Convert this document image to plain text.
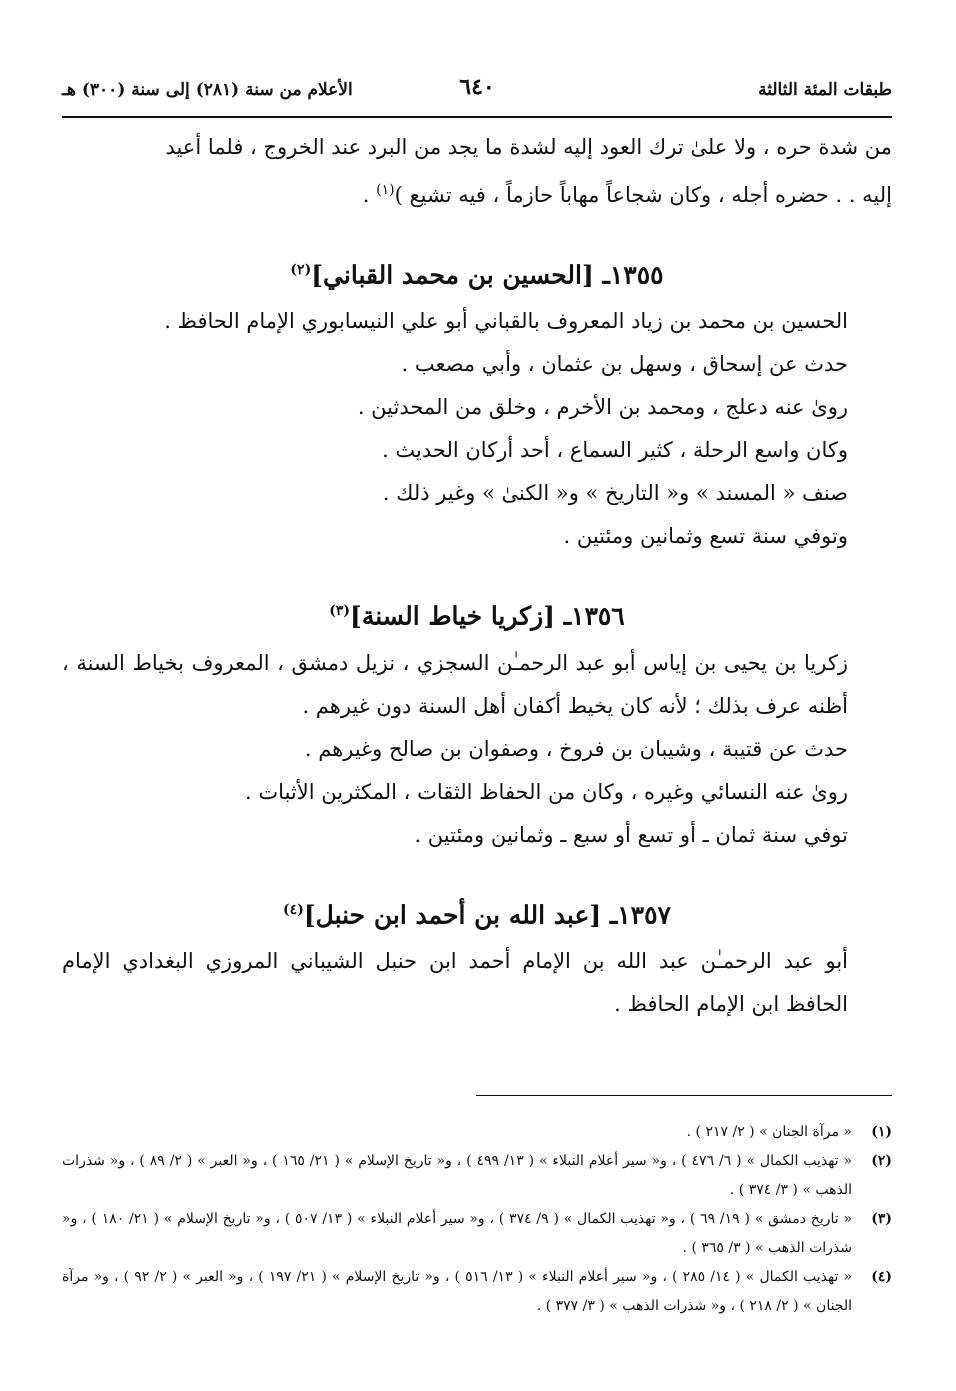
طبقات المئة الثالثة
٦٤٠
الأعلام من سنة (٢٨١) إلى سنة (٣٠٠) هـ

من شدة حره ، ولا علىٰ ترك العود إليه لشدة ما يجد من البرد عند الخروج ، فلما أعيد

إليه . . حضره أجله ، وكان شجاعاً مهاباً حازماً ، فيه تشيع )$^{(١)}$ .

١٣٥٥ـ [الحسين بن محمد القباني]$^{(٢)}$

الحسين بن محمد بن زياد المعروف بالقباني أبو علي النيسابوري الإمام الحافظ .

حدث عن إسحاق ، وسهل بن عثمان ، وأبي مصعب .

روىٰ عنه دعلج ، ومحمد بن الأخرم ، وخلق من المحدثين .

وكان واسع الرحلة ، كثير السماع ، أحد أركان الحديث .

صنف « المسند » و« التاريخ » و« الكنىٰ » وغير ذلك .

وتوفي سنة تسع وثمانين ومئتين .

١٣٥٦ـ [زكريا خياط السنة]$^{(٣)}$

زكريا بن يحيى بن إياس أبو عبد الرحمـٰن السجزي ، نزيل دمشق ، المعروف بخياط السنة ، أظنه عرف بذلك ؛ لأنه كان يخيط أكفان أهل السنة دون غيرهم .

حدث عن قتيبة ، وشيبان بن فروخ ، وصفوان بن صالح وغيرهم .

روىٰ عنه النسائي وغيره ، وكان من الحفاظ الثقات ، المكثرين الأثبات .

توفي سنة ثمان ـ أو تسع أو سبع ـ وثمانين ومئتين .

١٣٥٧ـ [عبد الله بن أحمد ابن حنبل]$^{(٤)}$

أبو عبد الرحمـٰن عبد الله بن الإمام أحمد ابن حنبل الشيباني المروزي البغدادي الإمام الحافظ ابن الإمام الحافظ .

(١)
« مرآة الجنان » ( ٢/ ٢١٧ ) .
(٢)
« تهذيب الكمال » ( ٦/ ٤٧٦ ) ، و« سير أعلام النبلاء » ( ١٣/ ٤٩٩ ) ، و« تاريخ الإسلام » ( ٢١/ ١٦٥ ) ، و« العبر » ( ٢/ ٨٩ ) ، و« شذرات الذهب » ( ٣/ ٣٧٤ ) .
(٣)
« تاريخ دمشق » ( ١٩/ ٦٩ ) ، و« تهذيب الكمال » ( ٩/ ٣٧٤ ) ، و« سير أعلام النبلاء » ( ١٣/ ٥٠٧ ) ، و« تاريخ الإسلام » ( ٢١/ ١٨٠ ) ، و« شذرات الذهب » ( ٣/ ٣٦٥ ) .
(٤)
« تهذيب الكمال » ( ١٤/ ٢٨٥ ) ، و« سير أعلام النبلاء » ( ١٣/ ٥١٦ ) ، و« تاريخ الإسلام » ( ٢١/ ١٩٧ ) ، و« العبر » ( ٢/ ٩٢ ) ، و« مرآة الجنان » ( ٢/ ٢١٨ ) ، و« شذرات الذهب » ( ٣/ ٣٧٧ ) .
